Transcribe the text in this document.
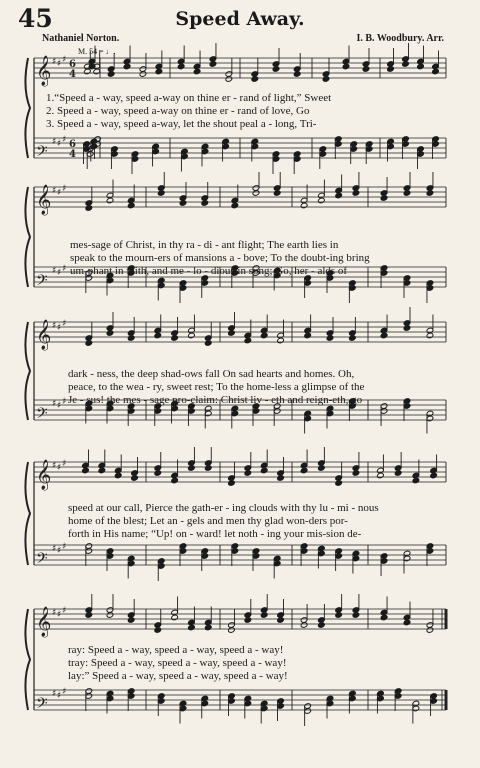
45	Speed Away.
Nathaniel Norton.	I. B. Woodbury. Arr.
M. 54 = ♩.
𝄞 ♯ ♯ ♯
𝄢
♯ ♯ ♯
6
4
6
4
𝄞 ♯ ♯ ♯
𝄢
♯ ♯ ♯
𝄞 ♯ ♯ ♯
𝄢
♯ ♯ ♯
𝄞 ♯ ♯ ♯
𝄢
♯ ♯ ♯
𝄞 ♯ ♯ ♯
𝄢
♯ ♯ ♯
1.“Speed a - way, speed a-way on thine er - rand of light,” Sweet
2. Speed a - way, speed a-way on thine er - rand of love, Go
3. Speed a - way, speed a-way, let the shout peal a - long, Tri-
mes-sage of Christ, in thy ra - di - ant flight; The earth lies in
speak to the mourn-ers of mansions a - bove; To the doubt-ing bring
um-phant in faith, and me - lo - dious in song; Go, her - alds of
dark - ness, the deep shad-ows fall On sad hearts and homes. Oh,
peace, to the wea - ry, sweet rest; To the home-less a glimpse of the
Je - sus! the mes - sage pro-claim: Christ liv - eth and reign-eth, go
speed at our call, Pierce the gath-er - ing clouds with thy lu - mi - nous
home of the blest; Let an - gels and men thy glad won-ders por-
forth in His name; “Up! on - ward! let noth - ing your mis-sion de-
ray: Speed a - way, speed a - way, speed a - way!
tray: Speed a - way, speed a - way, speed a - way!
lay:” Speed a - way, speed a - way, speed a - way!
